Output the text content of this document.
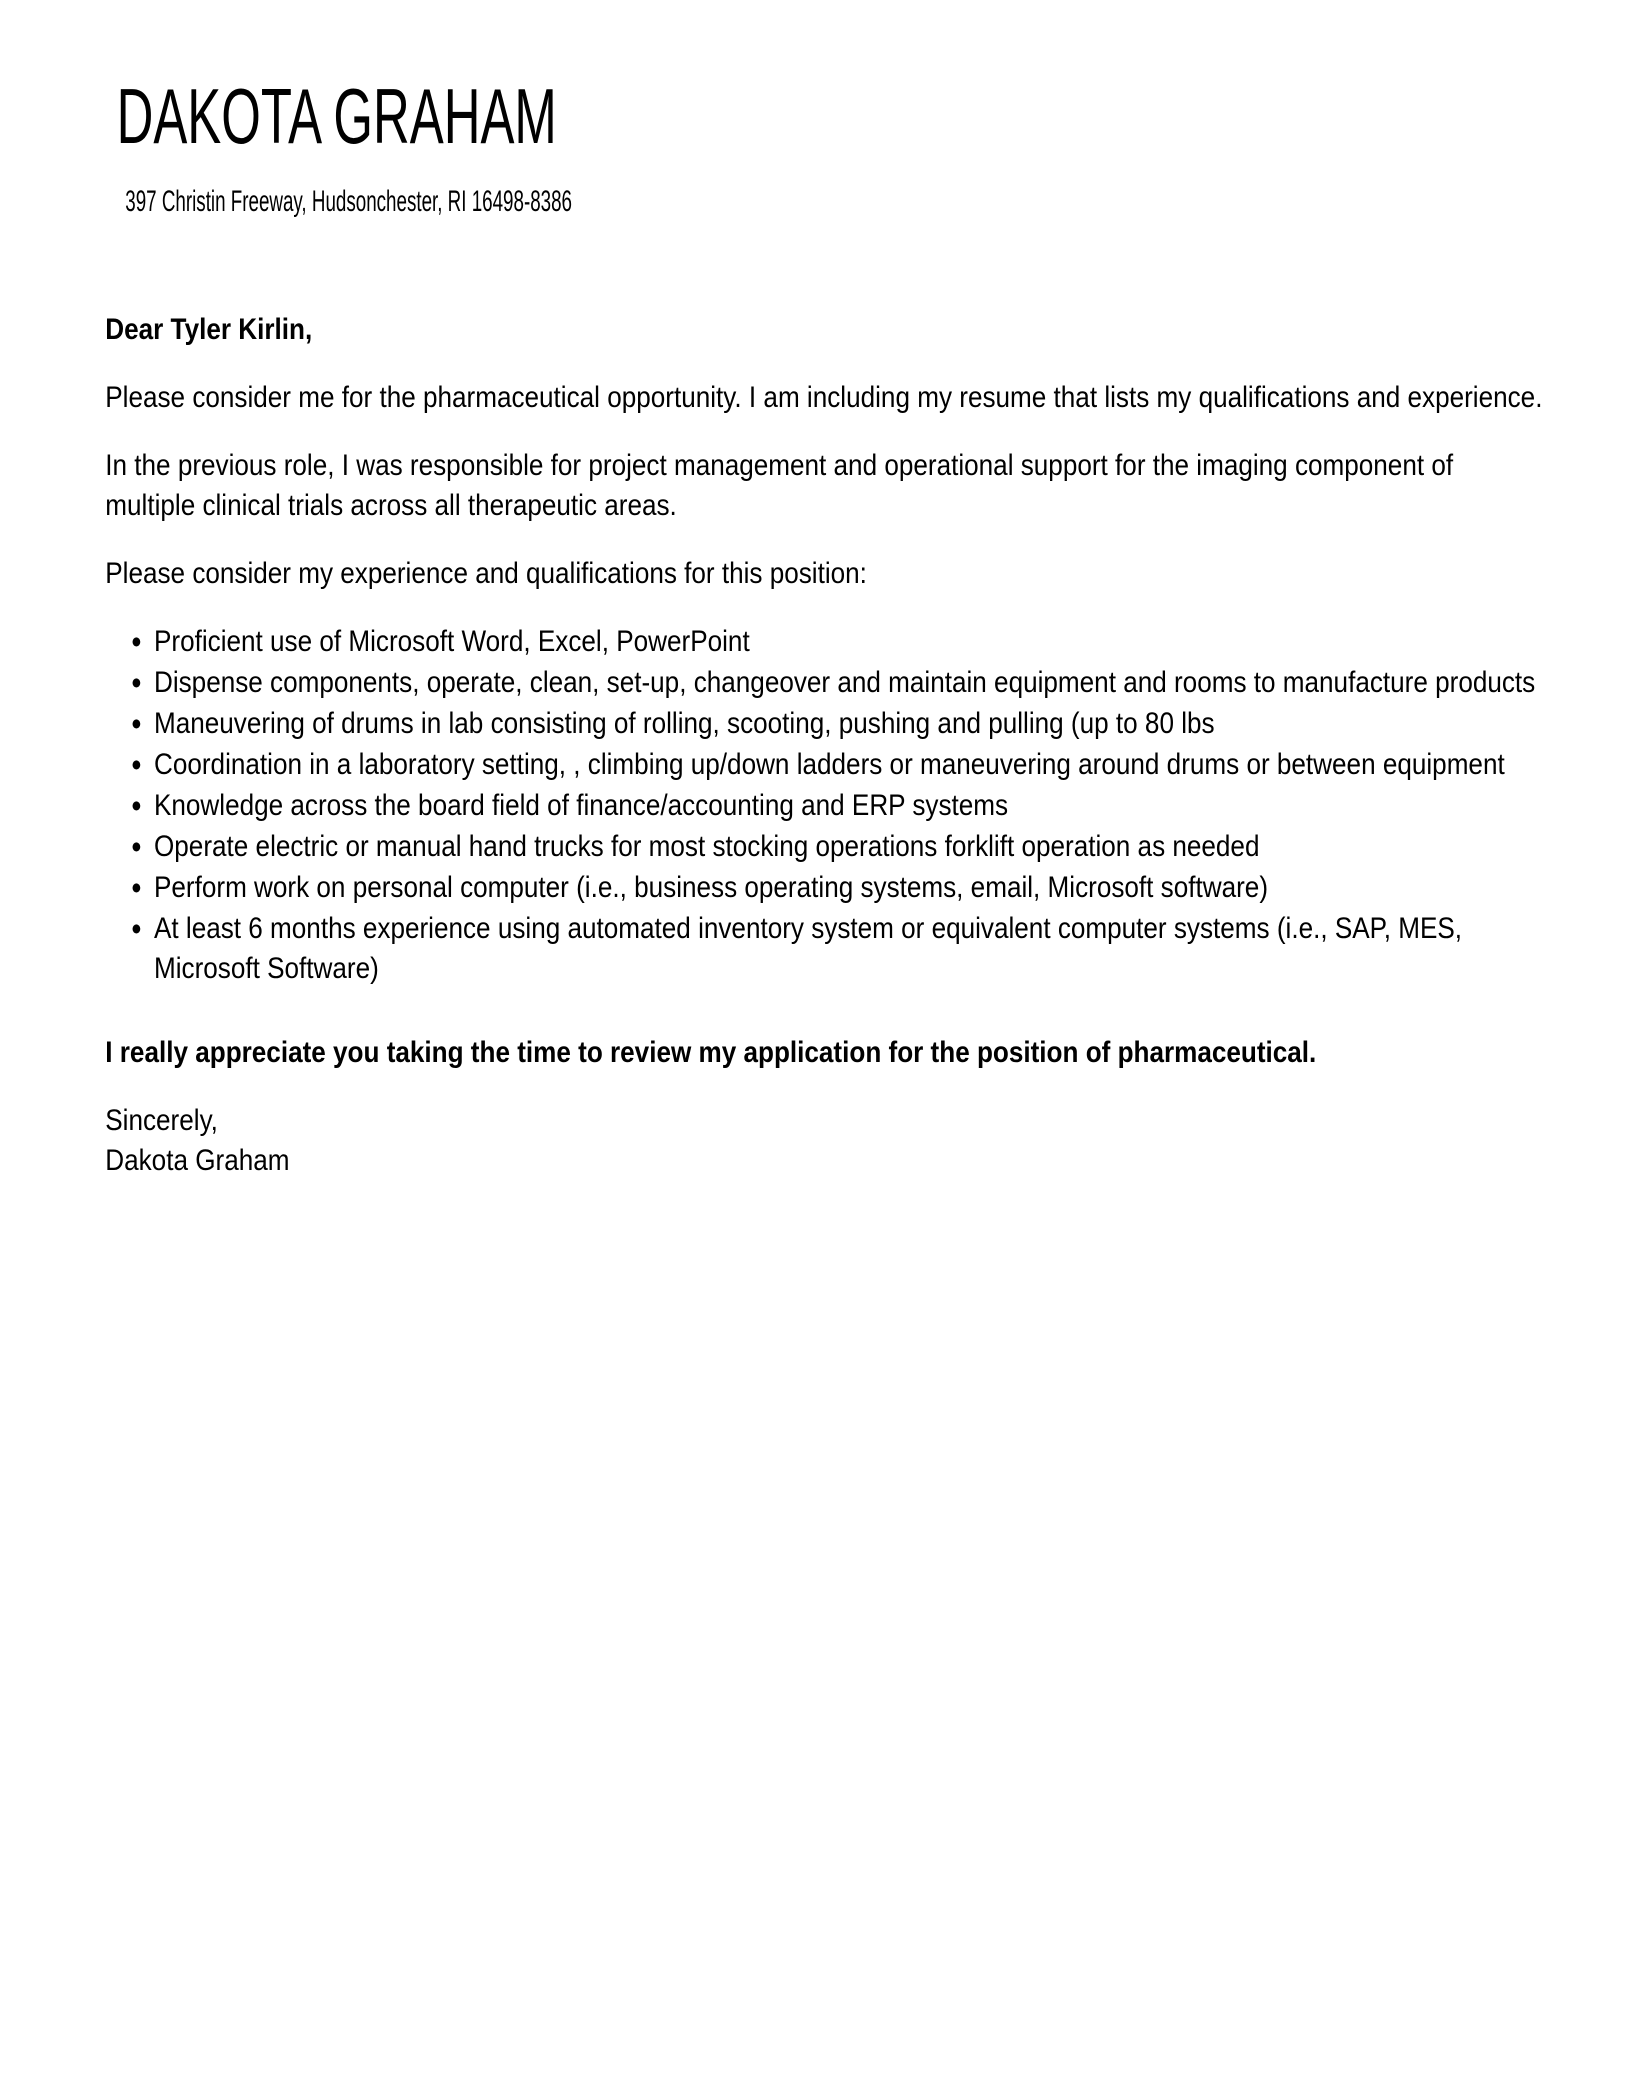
DAKOTA GRAHAM
397 Christin Freeway, Hudsonchester, RI 16498-8386

Dear Tyler Kirlin,

Please consider me for the pharmaceutical opportunity. I am including my resume that lists my qualifications and experience.

In the previous role, I was responsible for project management and operational support for the imaging component of multiple clinical trials across all therapeutic areas.

Please consider my experience and qualifications for this position:

• Proficient use of Microsoft Word, Excel, PowerPoint
• Dispense components, operate, clean, set-up, changeover and maintain equipment and rooms to manufacture products
• Maneuvering of drums in lab consisting of rolling, scooting, pushing and pulling (up to 80 lbs
• Coordination in a laboratory setting, , climbing up/down ladders or maneuvering around drums or between equipment
• Knowledge across the board field of finance/accounting and ERP systems
• Operate electric or manual hand trucks for most stocking operations forklift operation as needed
• Perform work on personal computer (i.e., business operating systems, email, Microsoft software)
• At least 6 months experience using automated inventory system or equivalent computer systems (i.e., SAP, MES, Microsoft Software)

I really appreciate you taking the time to review my application for the position of pharmaceutical.

Sincerely,
Dakota Graham
